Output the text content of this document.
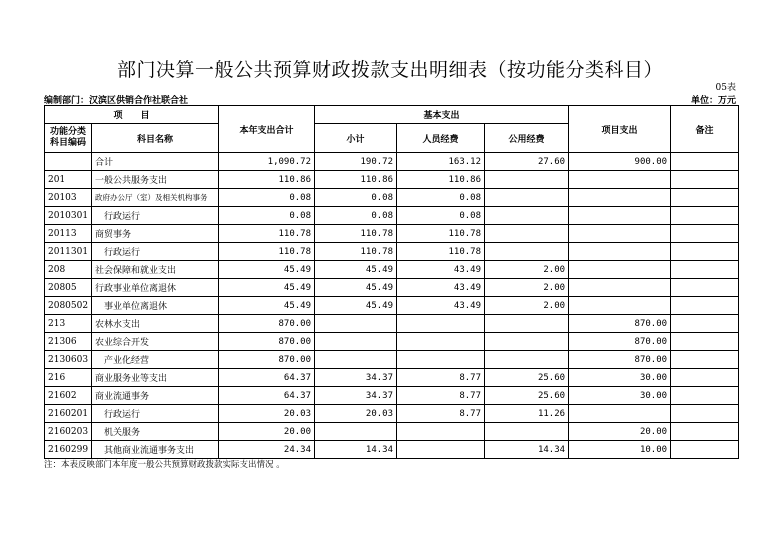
部门决算一般公共预算财政拨款支出明细表（按功能分类科目）
05表
编制部门：汉滨区供销合作社联合社	单位：万元
项　　目		本年支出合计	基本支出			项目支出	备注
功能分类科目编码	科目名称		小计	人员经费	公用经费		
	合计	1,090.72	190.72	163.12	27.60	900.00	
201	一般公共服务支出	110.86	110.86	110.86			
20103	政府办公厅（室）及相关机构事务	0.08	0.08	0.08			
2010301	行政运行	0.08	0.08	0.08			
20113	商贸事务	110.78	110.78	110.78			
2011301	行政运行	110.78	110.78	110.78			
208	社会保障和就业支出	45.49	45.49	43.49	2.00		
20805	行政事业单位离退休	45.49	45.49	43.49	2.00		
2080502	事业单位离退休	45.49	45.49	43.49	2.00		
213	农林水支出	870.00				870.00	
21306	农业综合开发	870.00				870.00	
2130603	产业化经营	870.00				870.00	
216	商业服务业等支出	64.37	34.37	8.77	25.60	30.00	
21602	商业流通事务	64.37	34.37	8.77	25.60	30.00	
2160201	行政运行	20.03	20.03	8.77	11.26		
2160203	机关服务	20.00				20.00	
2160299	其他商业流通事务支出	24.34	14.34		14.34	10.00	
注：本表反映部门本年度一般公共预算财政拨款实际支出情况 。
